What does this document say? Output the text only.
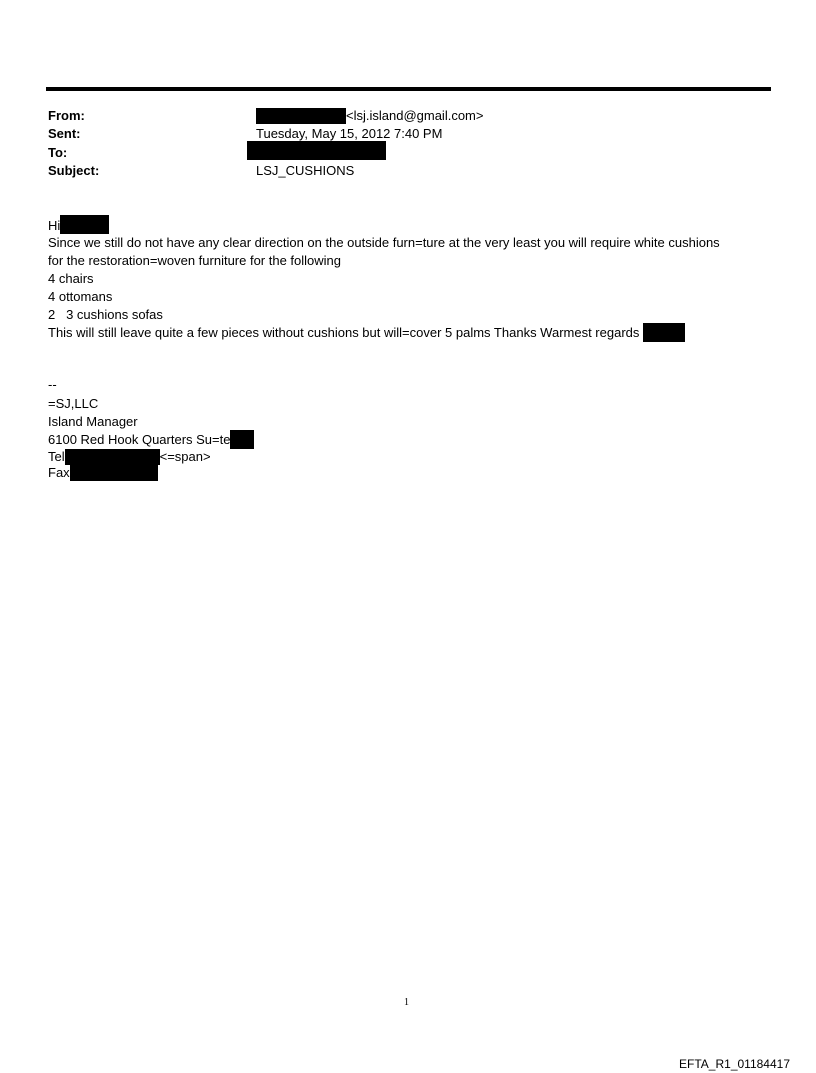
From:	<lsj.island@gmail.com>
Sent:	Tuesday, May 15, 2012 7:40 PM
To:
Subject:	LSJ_CUSHIONS
Hi
Since we still do not have any clear direction on the outside furn=ture at the very least you will require white cushions
for the restoration=woven furniture for the following
4 chairs
4 ottomans
2   3 cushions sofas
This will still leave quite a few pieces without cushions but will=cover 5 palms Thanks Warmest regards
--
=SJ,LLC
Island Manager
6100 Red Hook Quarters Su=te
Tel	<=span>
Fax
1
EFTA_R1_01184417
